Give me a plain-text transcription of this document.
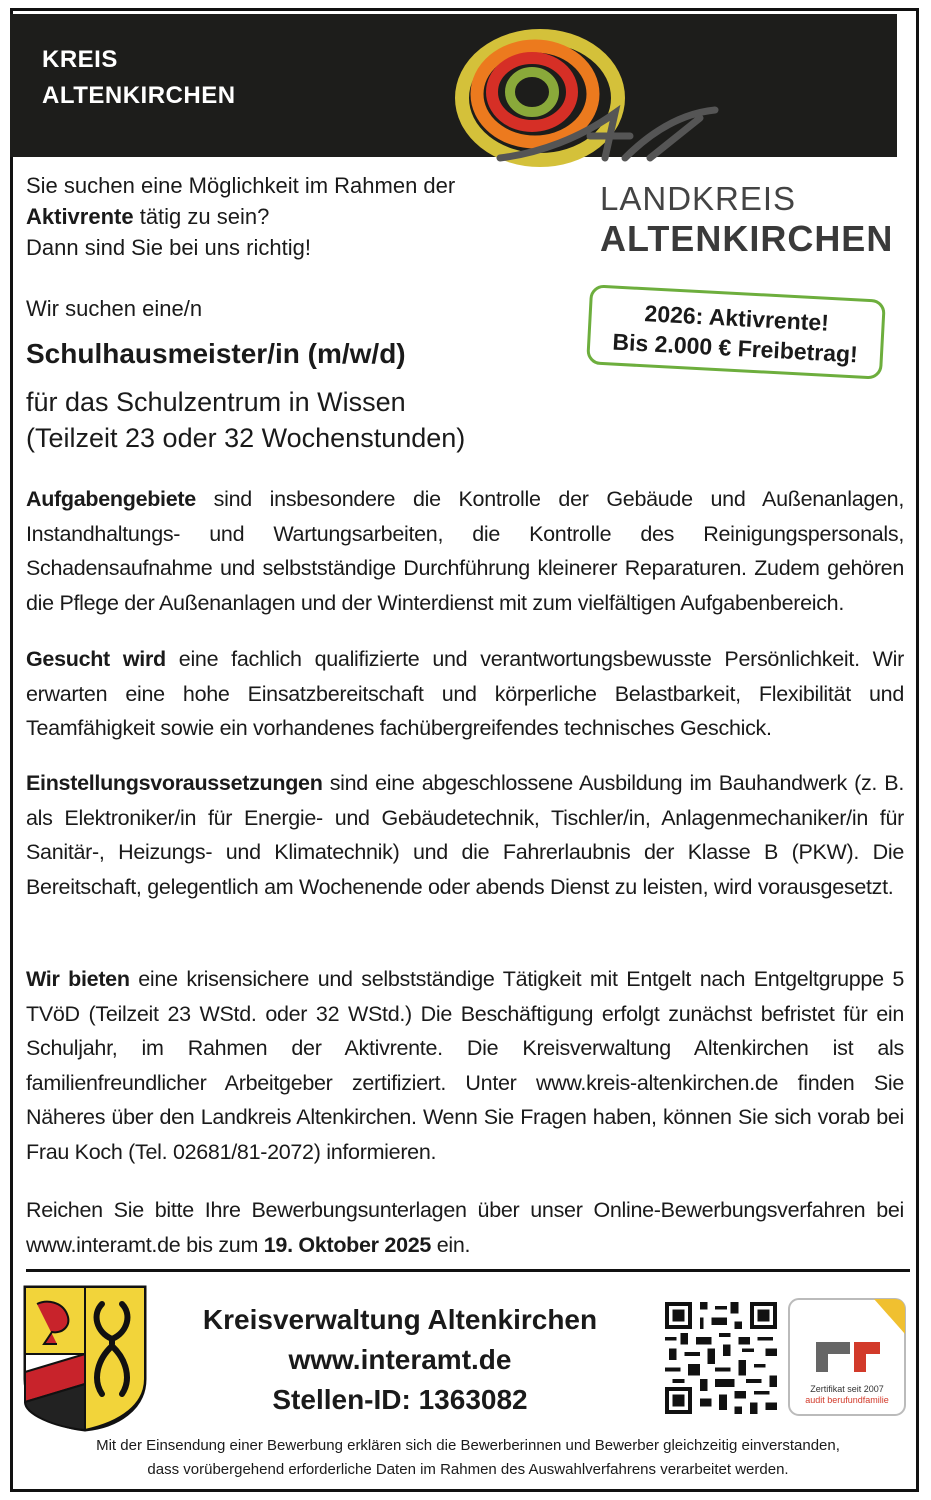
KREIS
ALTENKIRCHEN
LANDKREIS
ALTENKIRCHEN
2026: Aktivrente!
Bis 2.000 € Freibetrag!
Sie suchen eine Möglichkeit im Rahmen der
Aktivrente tätig zu sein?
Dann sind Sie bei uns richtig!
Wir suchen eine/n
Schulhausmeister/in (m/w/d)
für das Schulzentrum in Wissen
(Teilzeit 23 oder 32 Wochenstunden)
Aufgabengebiete sind insbesondere die Kontrolle der Gebäude und Außenanlagen, Instandhaltungs- und Wartungsarbeiten, die Kontrolle des Reinigungspersonals, Schadensaufnahme und selbstständige Durchführung kleinerer Reparaturen. Zudem gehören die Pflege der Außenanlagen und der Winterdienst mit zum vielfältigen Aufgabenbereich.
Gesucht wird eine fachlich qualifizierte und verantwortungsbewusste Persönlichkeit. Wir erwarten eine hohe Einsatzbereitschaft und körperliche Belastbarkeit, Flexibilität und Teamfähigkeit sowie ein vorhandenes fachübergreifendes technisches Geschick.
Einstellungsvoraussetzungen sind eine abgeschlossene Ausbildung im Bauhandwerk (z. B. als Elektroniker/in für Energie- und Gebäudetechnik, Tischler/in, Anlagenmechaniker/in für Sanitär-, Heizungs- und Klimatechnik) und die Fahrerlaubnis der Klasse B (PKW). Die Bereitschaft, gelegentlich am Wochenende oder abends Dienst zu leisten, wird vorausgesetzt.
Wir bieten eine krisensichere und selbstständige Tätigkeit mit Entgelt nach Entgeltgruppe 5 TVöD (Teilzeit 23 WStd. oder 32 WStd.) Die Beschäftigung erfolgt zunächst befristet für ein Schuljahr, im Rahmen der Aktivrente. Die Kreisverwaltung Altenkirchen ist als familienfreundlicher Arbeitgeber zertifiziert. Unter www.kreis-altenkirchen.de finden Sie Näheres über den Landkreis Altenkirchen. Wenn Sie Fragen haben, können Sie sich vorab bei Frau Koch (Tel. 02681/81-2072) informieren.
Reichen Sie bitte Ihre Bewerbungsunterlagen über unser Online-Bewerbungsverfahren bei www.interamt.de bis zum 19. Oktober 2025 ein.
Kreisverwaltung Altenkirchen
www.interamt.de
Stellen-ID: 1363082	Zertifikat seit 2007
audit berufundfamilie
Mit der Einsendung einer Bewerbung erklären sich die Bewerberinnen und Bewerber gleichzeitig einverstanden,
dass vorübergehend erforderliche Daten im Rahmen des Auswahlverfahrens verarbeitet werden.
